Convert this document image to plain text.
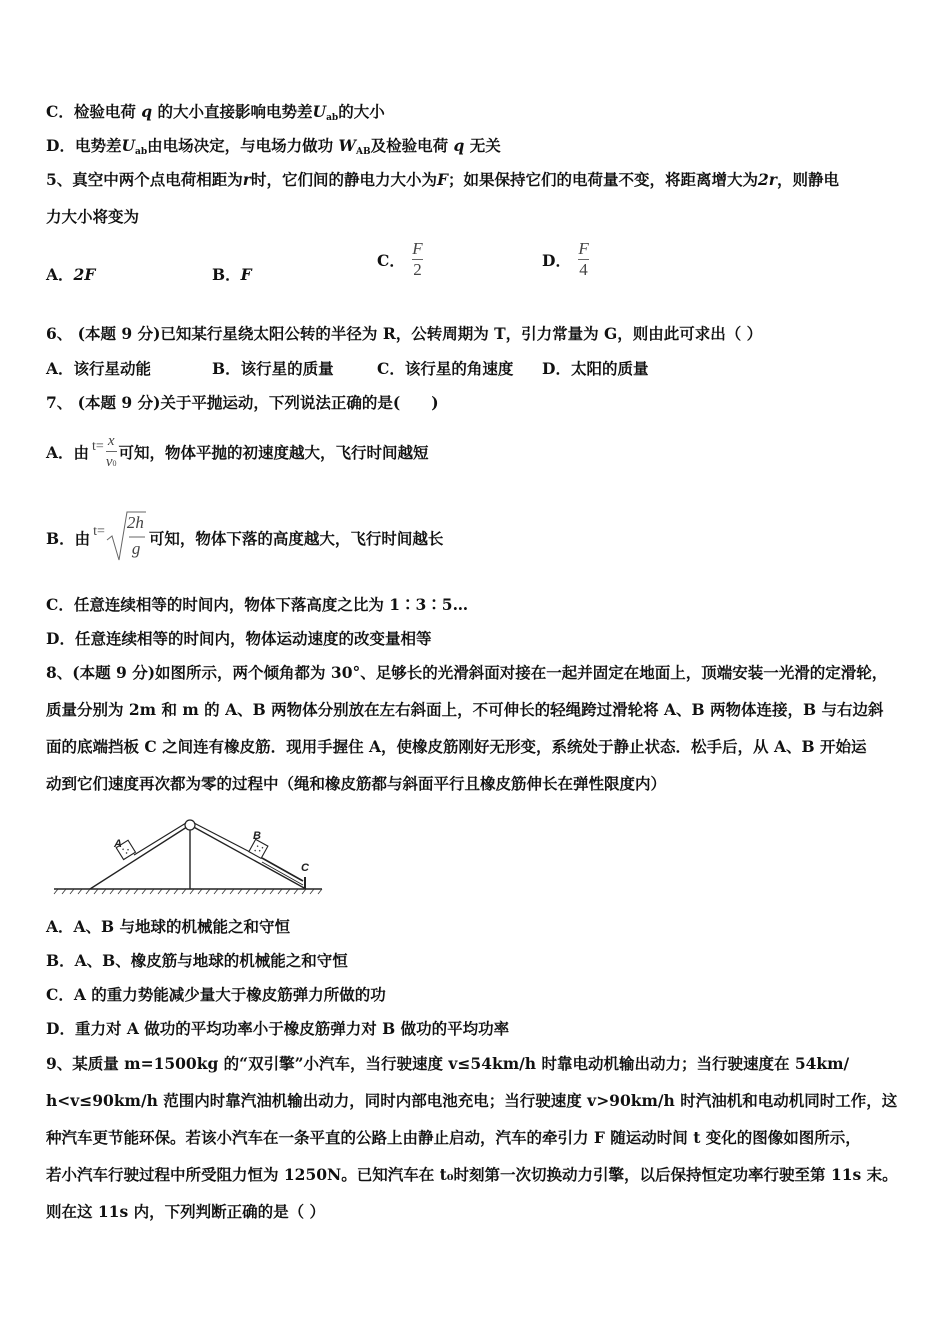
C．检验电荷 q 的大小直接影响电势差$U_{ab}$的大小
D．电势差$U_{ab}$由电场决定，与电场力做功 $W_{AB}$及检验电荷 q 无关
5、真空中两个点电荷相距为r时，它们间的静电力大小为F；如果保持它们的电荷量不变，将距离增大为2r，则静电
力大小将变为
A．2F	B．F
C． $\frac{F}{2}$	D． $\frac{F}{4}$
6、 (本题 9 分)已知某行星绕太阳公转的半径为 R，公转周期为 T，引力常量为 G，则由此可求出（ ）
A．该行星动能	B．该行星的质量	C．该行星的角速度 D．太阳的质量
7、 (本题 9 分)关于平抛运动，下列说法正确的是(　　)
A．由 $t= \frac{x}{v0}$ 可知，物体平抛的初速度越大，飞行时间越短
B．由 t= 2h
g
可知，物体下落的高度越大，飞行时间越长
C．任意连续相等的时间内，物体下落高度之比为 1∶3∶5…
D．任意连续相等的时间内，物体运动速度的改变量相等
8、(本题 9 分)如图所示，两个倾角都为 30°、足够长的光滑斜面对接在一起并固定在地面上，顶端安装一光滑的定滑轮，
质量分别为 2m 和 m 的 A、B 两物体分别放在左右斜面上，不可伸长的轻绳跨过滑轮将 A、B 两物体连接，B 与右边斜
面的底端挡板 C 之间连有橡皮筋．现用手握住 A，使橡皮筋刚好无形变，系统处于静止状态．松手后，从 A、B 开始运
动到它们速度再次都为零的过程中（绳和橡皮筋都与斜面平行且橡皮筋伸长在弹性限度内）
A
B
C
A．A、B 与地球的机械能之和守恒
B．A、B、橡皮筋与地球的机械能之和守恒
C．A 的重力势能减少量大于橡皮筋弹力所做的功
D．重力对 A 做功的平均功率小于橡皮筋弹力对 B 做功的平均功率
9、某质量 m=1500kg 的“双引擎”小汽车，当行驶速度 v≤54km/h 时靠电动机输出动力；当行驶速度在 54km/
h<v≤90km/h 范围内时靠汽油机输出动力，同时内部电池充电；当行驶速度 v>90km/h 时汽油机和电动机同时工作，这
种汽车更节能环保。若该小汽车在一条平直的公路上由静止启动，汽车的牵引力 F 随运动时间 t 变化的图像如图所示，
若小汽车行驶过程中所受阻力恒为 1250N。已知汽车在 t₀时刻第一次切换动力引擎，以后保持恒定功率行驶至第 11s 末。
则在这 11s 内，下列判断正确的是（ ）
